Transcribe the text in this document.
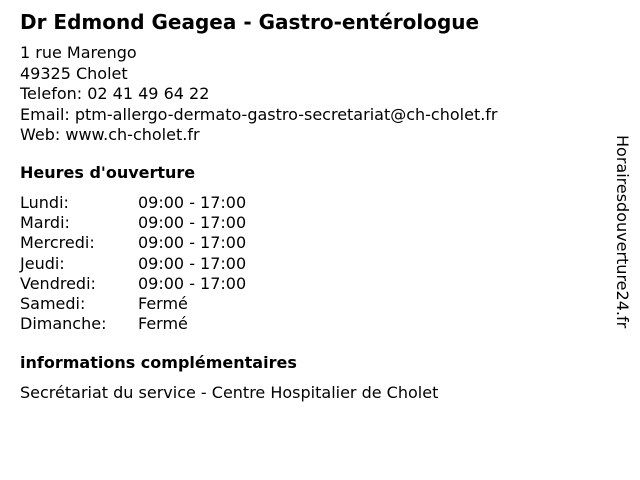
Dr Edmond Geagea - Gastro-entérologue
1 rue Marengo
49325 Cholet
Telefon: 02 41 49 64 22
Email: ptm-allergo-dermato-gastro-secretariat@ch-cholet.fr
Web: www.ch-cholet.fr
Heures d'ouverture
Lundi:	09:00 - 17:00
Mardi:	09:00 - 17:00
Mercredi:	09:00 - 17:00
Jeudi:	09:00 - 17:00
Vendredi:	09:00 - 17:00
Samedi:	Fermé
Dimanche:	Fermé
informations complémentaires
Secrétariat du service - Centre Hospitalier de Cholet
Horairesdouverture24.fr
